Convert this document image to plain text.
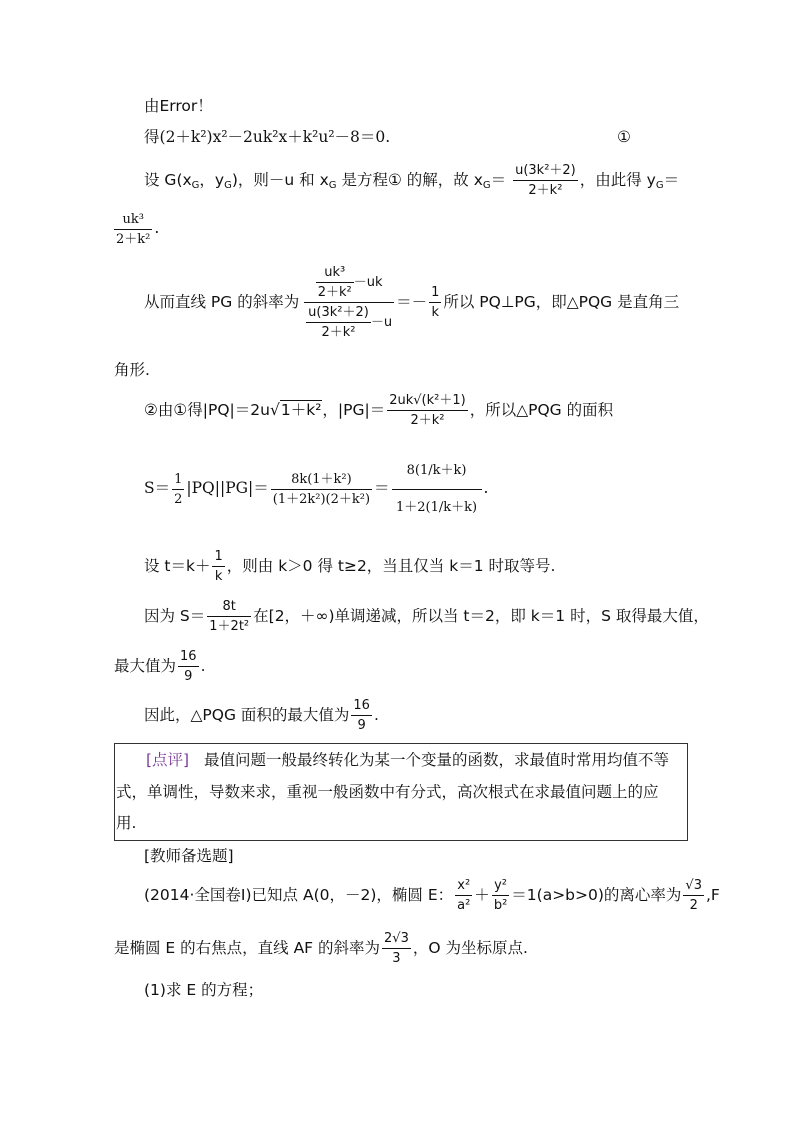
由Error！
得(2＋k²)x²－2uk²x＋k²u²－8＝0.	①
设 $G(x_G$，$y_G$)，则－u 和 $x_G$ 是方程① 的解，故 $x_G= \frac{\text{u(3k²＋2)}}{\text{2＋k²}}$ ，由此得 $y_G=$
$\frac{\text{uk³}}{\text{2＋k²}}$ .
从而直线 PG 的斜率为 $\frac{\frac{\text{uk³}}{\text{2＋k²}} -uk}{\frac{\text{u(3k²＋2)}}{\text{2＋k²}} -u} =- \frac{1}{k}$ 所以 PQ⊥PG，即△PQG 是直角三
角形.
②由①得|PQ|＝2u√1＋k²，$|PG|= \frac{\text{2uk√(k²＋1)}}{\text{2＋k²}}$ ，所以△PQG 的面积
$S= \frac{1}{2} |PQ||PG|= \frac{\text{8k(1＋k²)}}{\text{(1＋2k²)(2＋k²)}} = \frac{8(1/k+k)}{1+2(1/k+k)}$ .
设 $t=k+ \frac{1}{k}$ ，则由 k＞0 得 t≥2，当且仅当 k＝1 时取等号.
因为 $S= \frac{8t}{\text{1＋2t²}}$ 在[2，＋∞)单调递减，所以当 t＝2，即 k＝1 时，S 取得最大值，
最大值为 $\frac{16}{9}$ .
因此，△PQG 面积的最大值为 $\frac{16}{9}$ .
[点评] 最值问题一般最终转化为某一个变量的函数，求最值时常用均值不等
式，单调性，导数来求，重视一般函数中有分式，高次根式在求最值问题上的应
用.
[教师备选题]
(2014·全国卷Ⅰ)已知点 A(0，－2)，椭圆 E： $\frac{\text{x²}}{\text{a²}} + \frac{\text{y²}}{\text{b²}} =1(a>b>0)$的离心率为 $\frac{√3}{2} ,F$
是椭圆 E 的右焦点，直线 AF 的斜率为 $\frac{2√3}{3}$ ，O 为坐标原点.
(1)求 E 的方程；
